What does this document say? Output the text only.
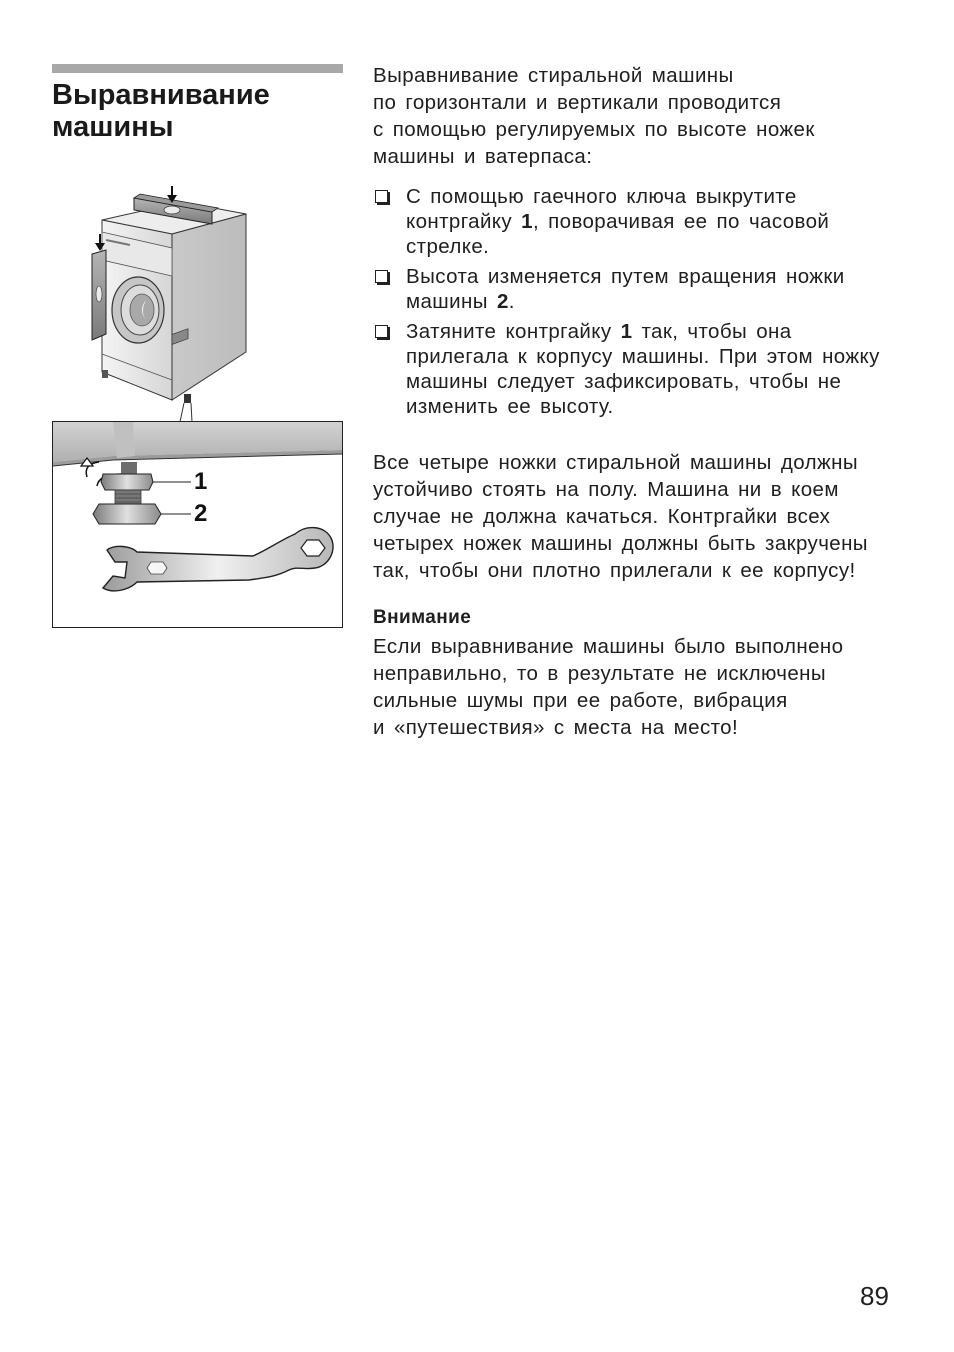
Выравнивание
машины
1
2

Выравнивание стиральной машины
по горизонтали и вертикали проводится
с помощью регулируемых по высоте ножек
машины и ватерпаса:

С помощью гаечного ключа выкрутите контргайку 1, поворачивая ее по часовой стрелке.
Высота изменяется путем вращения ножки машины 2.
Затяните контргайку 1 так, чтобы она прилегала к корпусу машины. При этом ножку машины следует зафиксировать, чтобы не изменить ее высоту.

Все четыре ножки стиральной машины должны устойчиво стоять на полу. Машина ни в коем случае не должна качаться. Контргайки всех четырех ножек машины должны быть закручены так, чтобы они плотно прилегали к ее корпусу!

Внимание

Если выравнивание машины было выполнено
неправильно, то в результате не исключены
сильные шумы при ее работе, вибрация
и «путешествия» с места на место!

89
